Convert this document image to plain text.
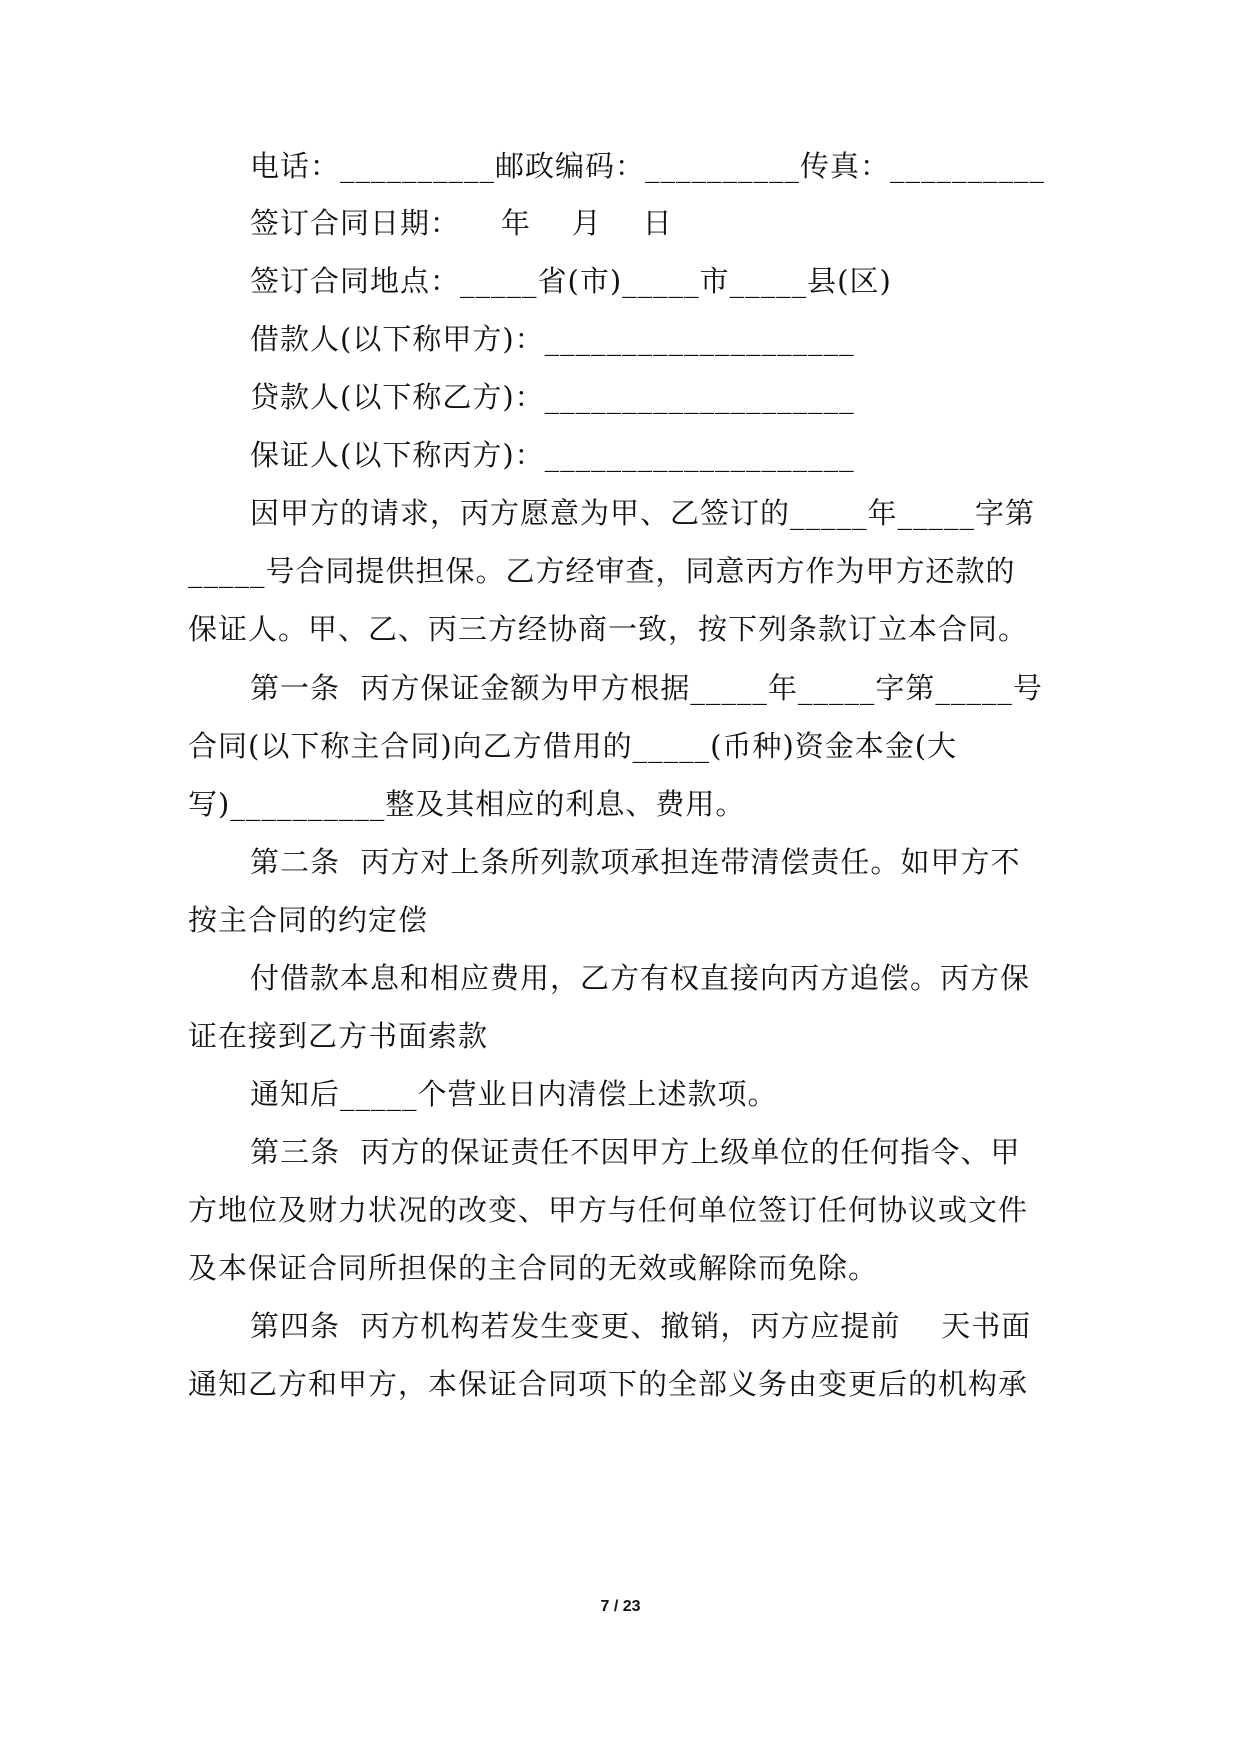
电话：__________邮政编码：__________传真：__________
签订合同日期：    年    月    日
签订合同地点：_____省(市)_____市_____县(区)
借款人(以下称甲方)：____________________
贷款人(以下称乙方)：____________________
保证人(以下称丙方)：____________________
因甲方的请求，丙方愿意为甲、乙签订的_____年_____字第
_____号合同提供担保。乙方经审查，同意丙方作为甲方还款的
保证人。甲、乙、丙三方经协商一致，按下列条款订立本合同。
第一条  丙方保证金额为甲方根据_____年_____字第_____号
合同(以下称主合同)向乙方借用的_____(币种)资金本金(大
写)__________整及其相应的利息、费用。
第二条  丙方对上条所列款项承担连带清偿责任。如甲方不
按主合同的约定偿
付借款本息和相应费用，乙方有权直接向丙方追偿。丙方保
证在接到乙方书面索款
通知后_____个营业日内清偿上述款项。
第三条  丙方的保证责任不因甲方上级单位的任何指令、甲
方地位及财力状况的改变、甲方与任何单位签订任何协议或文件
及本保证合同所担保的主合同的无效或解除而免除。
第四条  丙方机构若发生变更、撤销，丙方应提前    天书面
通知乙方和甲方，本保证合同项下的全部义务由变更后的机构承
7 / 23
